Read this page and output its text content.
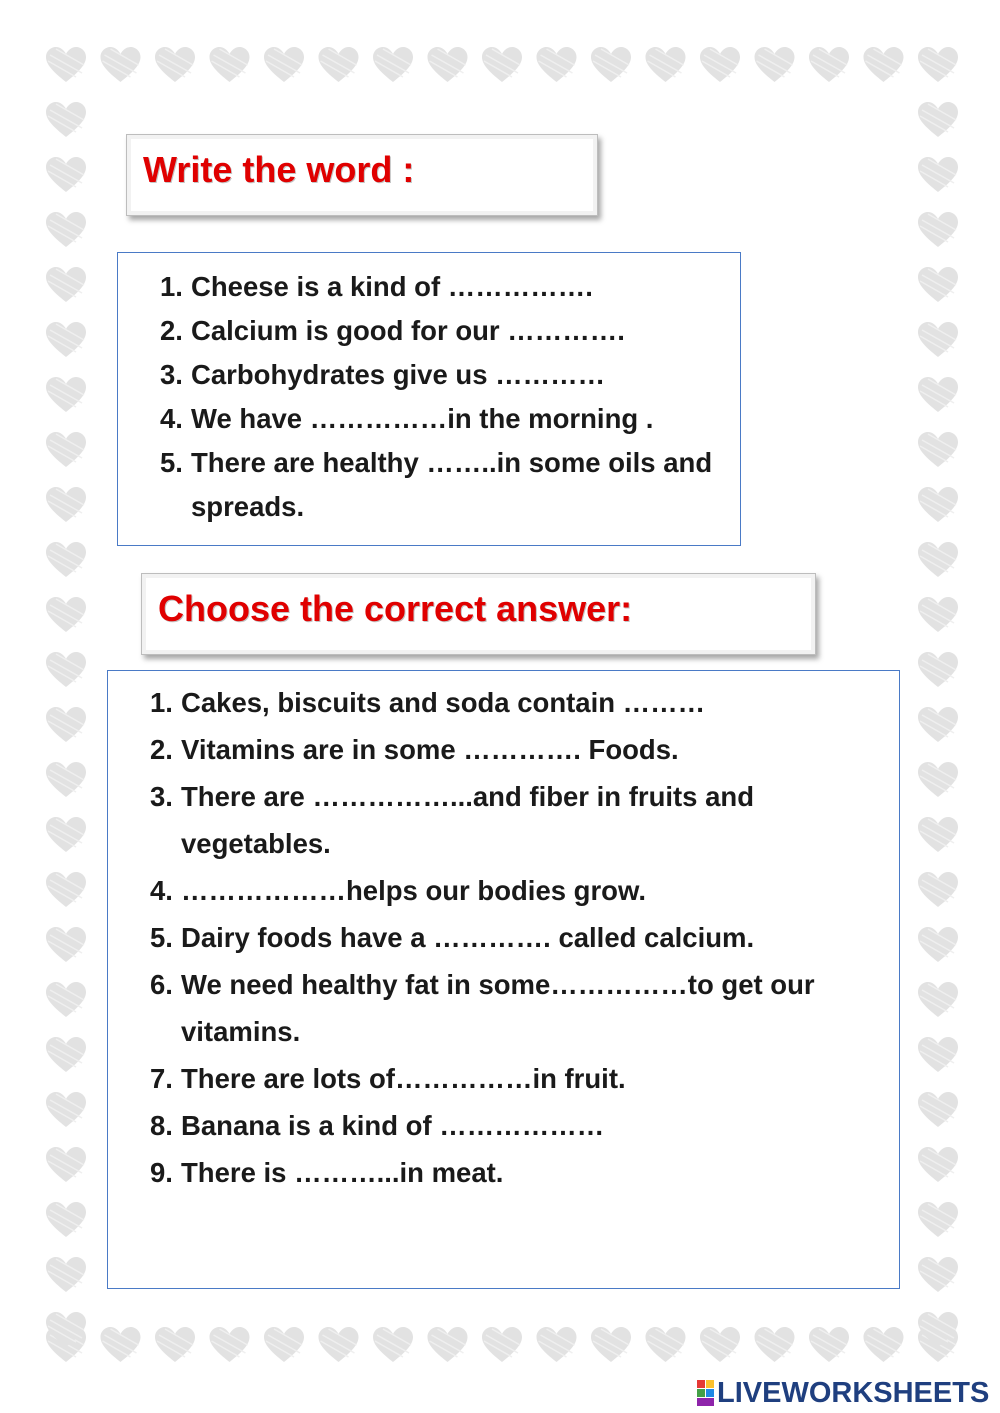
Write the word :
1. Cheese is a kind of …………….
2. Calcium is good for our ………….
3. Carbohydrates give us …………
4. We have ……………in the morning .
5. There are healthy ……..in some oils and spreads.
Choose the correct answer:
1. Cakes, biscuits and soda contain ………
2. Vitamins are in some …………. Foods.
3. There are ……………...and fiber in fruits and vegetables.
4. ………………helps our bodies grow.
5. Dairy foods have a …………. called calcium.
6. We need healthy fat in some……………to get our vitamins.
7. There are lots of……………in fruit.
8. Banana is a kind of ………………
9. There is ………...in meat.
LIVEWORKSHEETS
